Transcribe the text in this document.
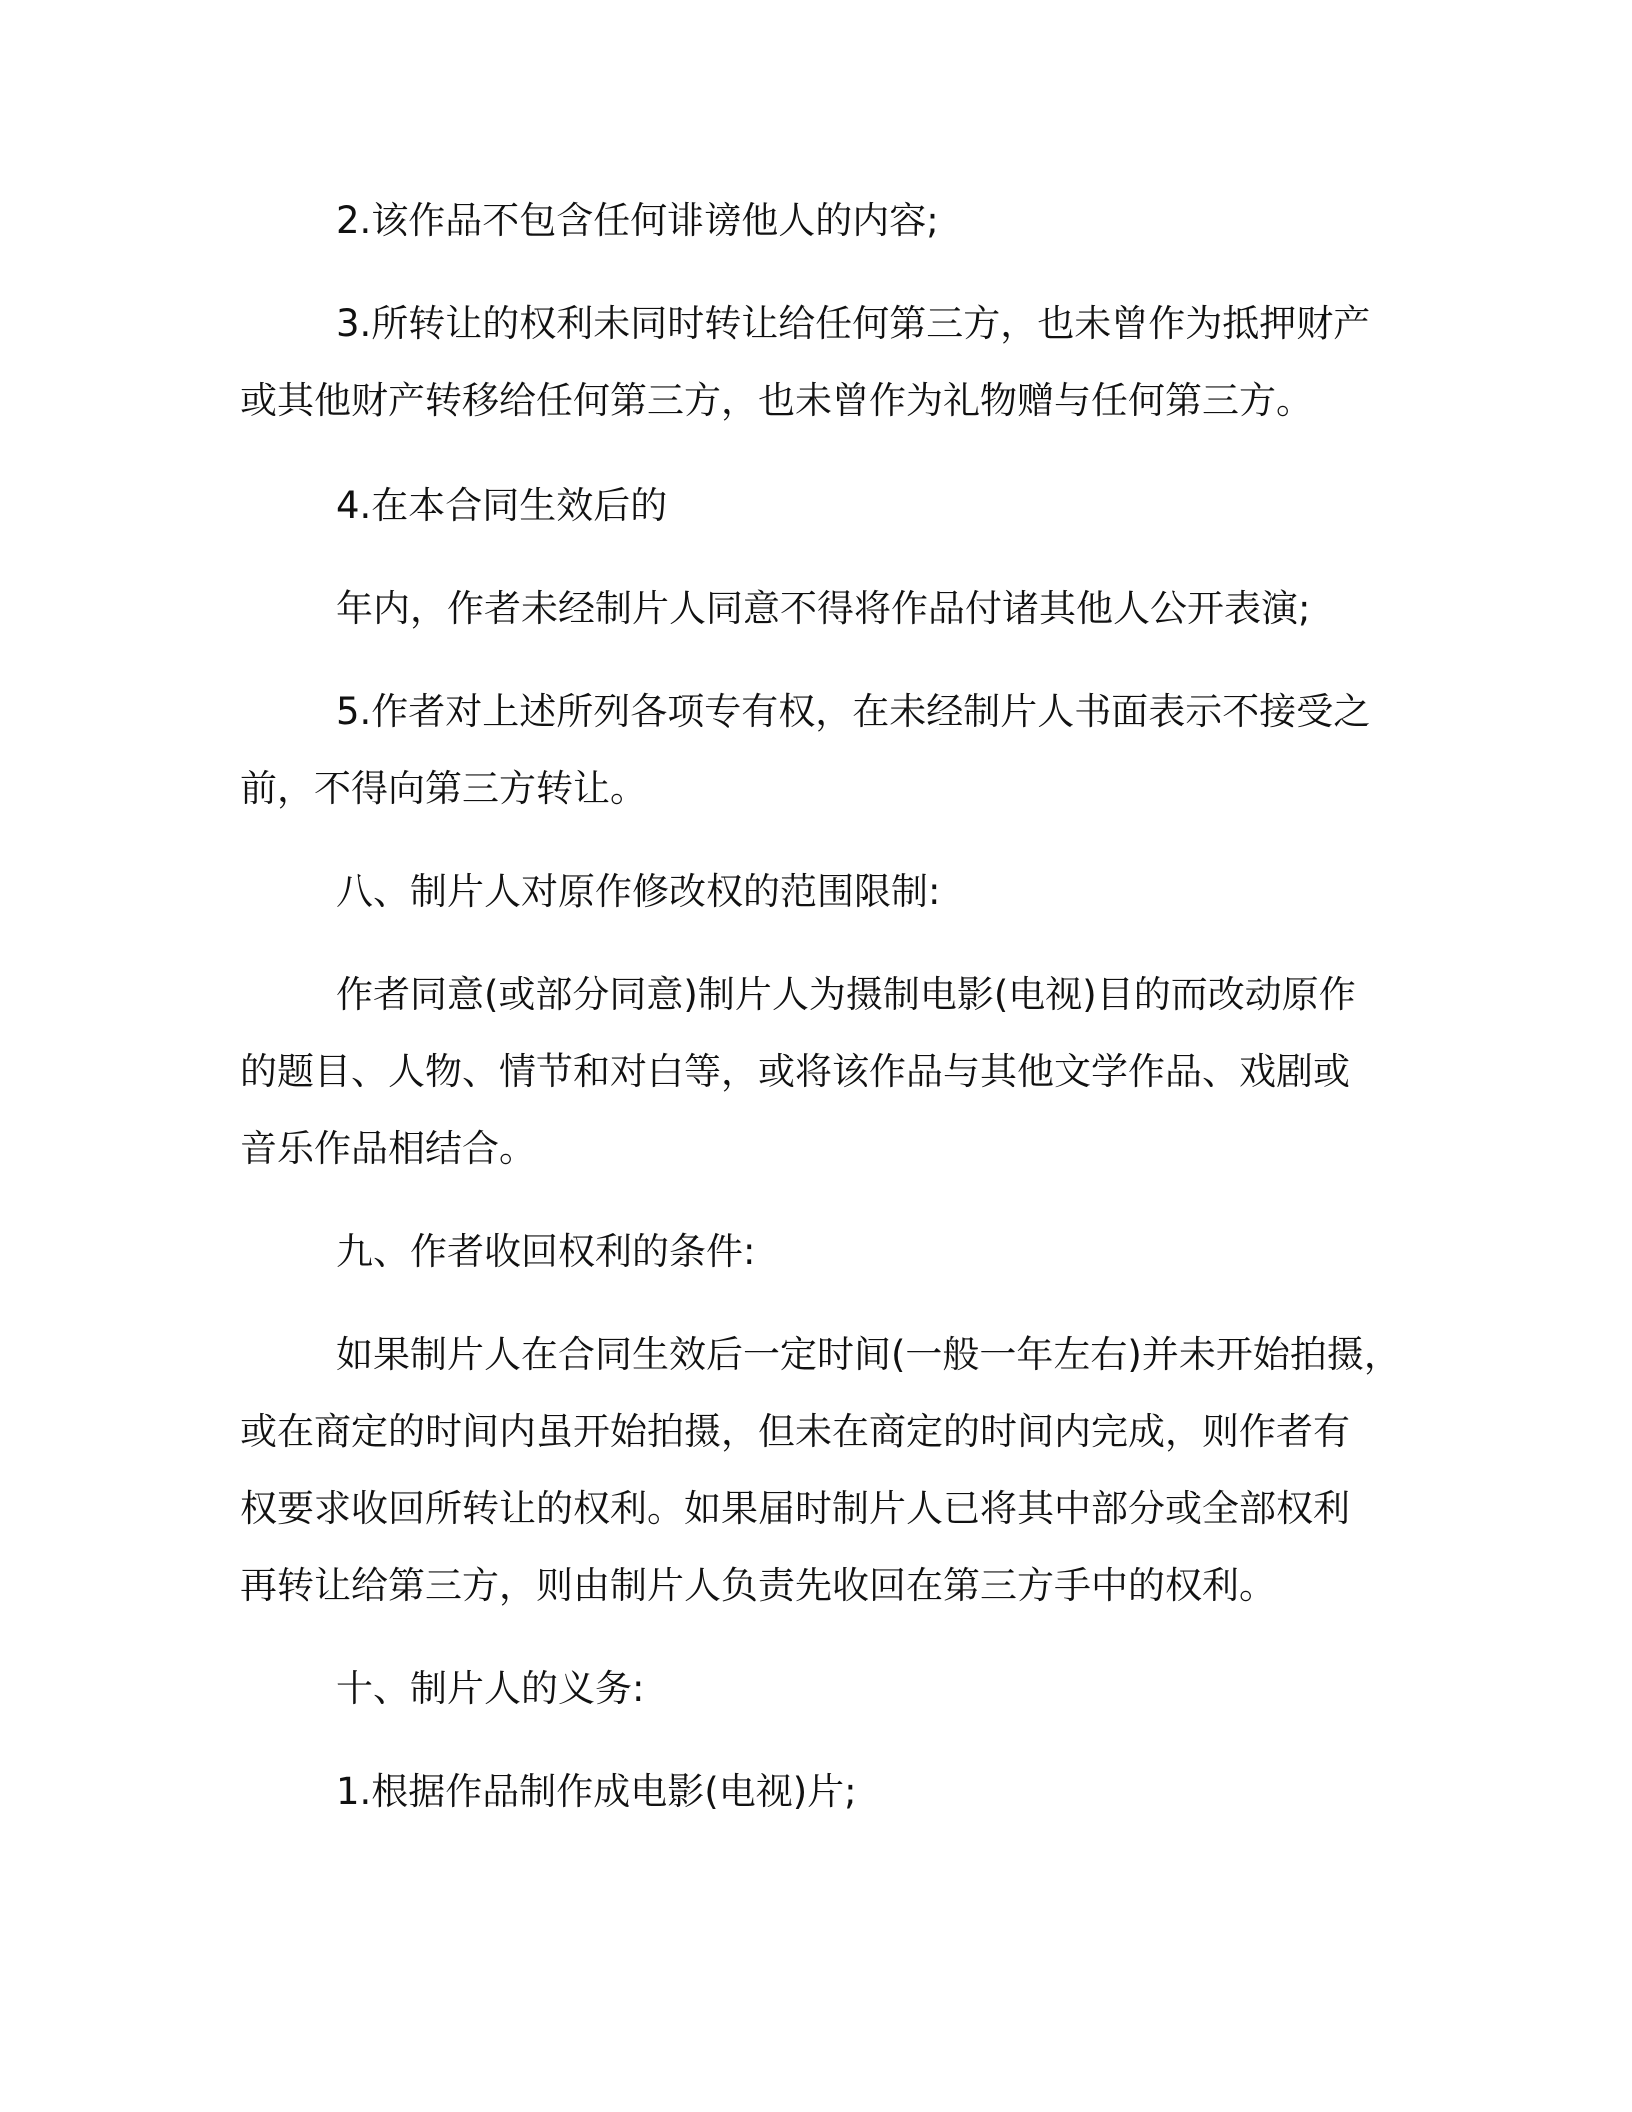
2.该作品不包含任何诽谤他人的内容;

3.所转让的权利未同时转让给任何第三方，也未曾作为抵押财产
或其他财产转移给任何第三方，也未曾作为礼物赠与任何第三方。

4.在本合同生效后的

年内，作者未经制片人同意不得将作品付诸其他人公开表演;

5.作者对上述所列各项专有权，在未经制片人书面表示不接受之
前，不得向第三方转让。

八、制片人对原作修改权的范围限制:

作者同意(或部分同意)制片人为摄制电影(电视)目的而改动原作
的题目、人物、情节和对白等，或将该作品与其他文学作品、戏剧或
音乐作品相结合。

九、作者收回权利的条件:

如果制片人在合同生效后一定时间(一般一年左右)并未开始拍摄，
或在商定的时间内虽开始拍摄，但未在商定的时间内完成，则作者有
权要求收回所转让的权利。如果届时制片人已将其中部分或全部权利
再转让给第三方，则由制片人负责先收回在第三方手中的权利。

十、制片人的义务:

1.根据作品制作成电影(电视)片;
